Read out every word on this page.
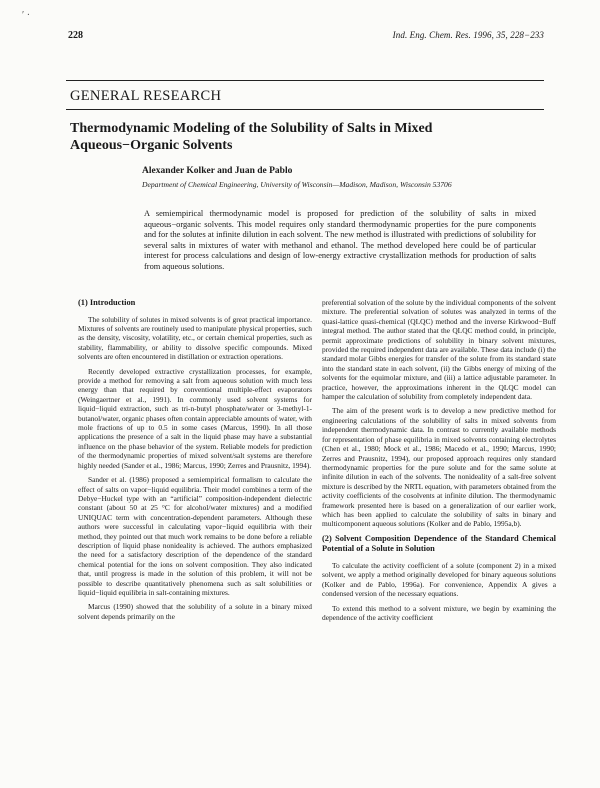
ʹ ·
228	Ind. Eng. Chem. Res. 1996, 35, 228−233
GENERAL RESEARCH
Thermodynamic Modeling of the Solubility of Salts in Mixed Aqueous−Organic Solvents
Alexander Kolker and Juan de Pablo
Department of Chemical Engineering, University of Wisconsin—Madison, Madison, Wisconsin 53706
A semiempirical thermodynamic model is proposed for prediction of the solubility of salts in mixed aqueous−organic solvents. This model requires only standard thermodynamic properties for the pure components and for the solutes at infinite dilution in each solvent. The new method is illustrated with predictions of solubility for several salts in mixtures of water with methanol and ethanol. The method developed here could be of particular interest for process calculations and design of low-energy extractive crystallization methods for production of salts from aqueous solutions.
(1) Introduction

The solubility of solutes in mixed solvents is of great practical importance. Mixtures of solvents are routinely used to manipulate physical properties, such as the density, viscosity, volatility, etc., or certain chemical properties, such as stability, flammability, or ability to dissolve specific compounds. Mixed solvents are often encountered in distillation or extraction operations.

Recently developed extractive crystallization processes, for example, provide a method for removing a salt from aqueous solution with much less energy than that required by conventional multiple-effect evaporators (Weingaertner et al., 1991). In commonly used solvent systems for liquid−liquid extraction, such as tri-n-butyl phosphate/water or 3-methyl-1-butanol/water, organic phases often contain appreciable amounts of water, with mole fractions of up to 0.5 in some cases (Marcus, 1990). In all those applications the presence of a salt in the liquid phase may have a substantial influence on the phase behavior of the system. Reliable models for prediction of the thermodynamic properties of mixed solvent/salt systems are therefore highly needed (Sander et al., 1986; Marcus, 1990; Zerres and Prausnitz, 1994).

Sander et al. (1986) proposed a semiempirical formalism to calculate the effect of salts on vapor−liquid equilibria. Their model combines a term of the Debye−Huckel type with an “artificial” composition-independent dielectric constant (about 50 at 25 °C for alcohol/water mixtures) and a modified UNIQUAC term with concentration-dependent parameters. Although these authors were successful in calculating vapor−liquid equilibria with their method, they pointed out that much work remains to be done before a reliable description of liquid phase nonideality is achieved. The authors emphasized the need for a satisfactory description of the dependence of the standard chemical potential for the ions on solvent composition. They also indicated that, until progress is made in the solution of this problem, it will not be possible to describe quantitatively phenomena such as salt solubilities or liquid−liquid equilibria in salt-containing mixtures.

Marcus (1990) showed that the solubility of a solute in a binary mixed solvent depends primarily on the

preferential solvation of the solute by the individual components of the solvent mixture. The preferential solvation of solutes was analyzed in terms of the quasi-lattice quasi-chemical (QLQC) method and the inverse Kirkwood−Buff integral method. The author stated that the QLQC method could, in principle, permit approximate predictions of solubility in binary solvent mixtures, provided the required independent data are available. These data include (i) the standard molar Gibbs energies for transfer of the solute from its standard state into the standard state in each solvent, (ii) the Gibbs energy of mixing of the solvents for the equimolar mixture, and (iii) a lattice adjustable parameter. In practice, however, the approximations inherent in the QLQC model can hamper the calculation of solubility from completely independent data.

The aim of the present work is to develop a new predictive method for engineering calculations of the solubility of salts in mixed solvents from independent thermodynamic data. In contrast to currently available methods for representation of phase equilibria in mixed solvents containing electrolytes (Chen et al., 1980; Mock et al., 1986; Macedo et al., 1990; Marcus, 1990; Zerres and Prausnitz, 1994), our proposed approach requires only standard thermodynamic properties for the pure solute and for the same solute at infinite dilution in each of the solvents. The nonideality of a salt-free solvent mixture is described by the NRTL equation, with parameters obtained from the activity coefficients of the cosolvents at infinite dilution. The thermodynamic framework presented here is based on a generalization of our earlier work, which has been applied to calculate the solubility of salts in binary and multicomponent aqueous solutions (Kolker and de Pablo, 1995a,b).

(2) Solvent Composition Dependence of the Standard Chemical Potential of a Solute in Solution

To calculate the activity coefficient of a solute (component 2) in a mixed solvent, we apply a method originally developed for binary aqueous solutions (Kolker and de Pablo, 1996a). For convenience, Appendix A gives a condensed version of the necessary equations.

To extend this method to a solvent mixture, we begin by examining the dependence of the activity coefficient
